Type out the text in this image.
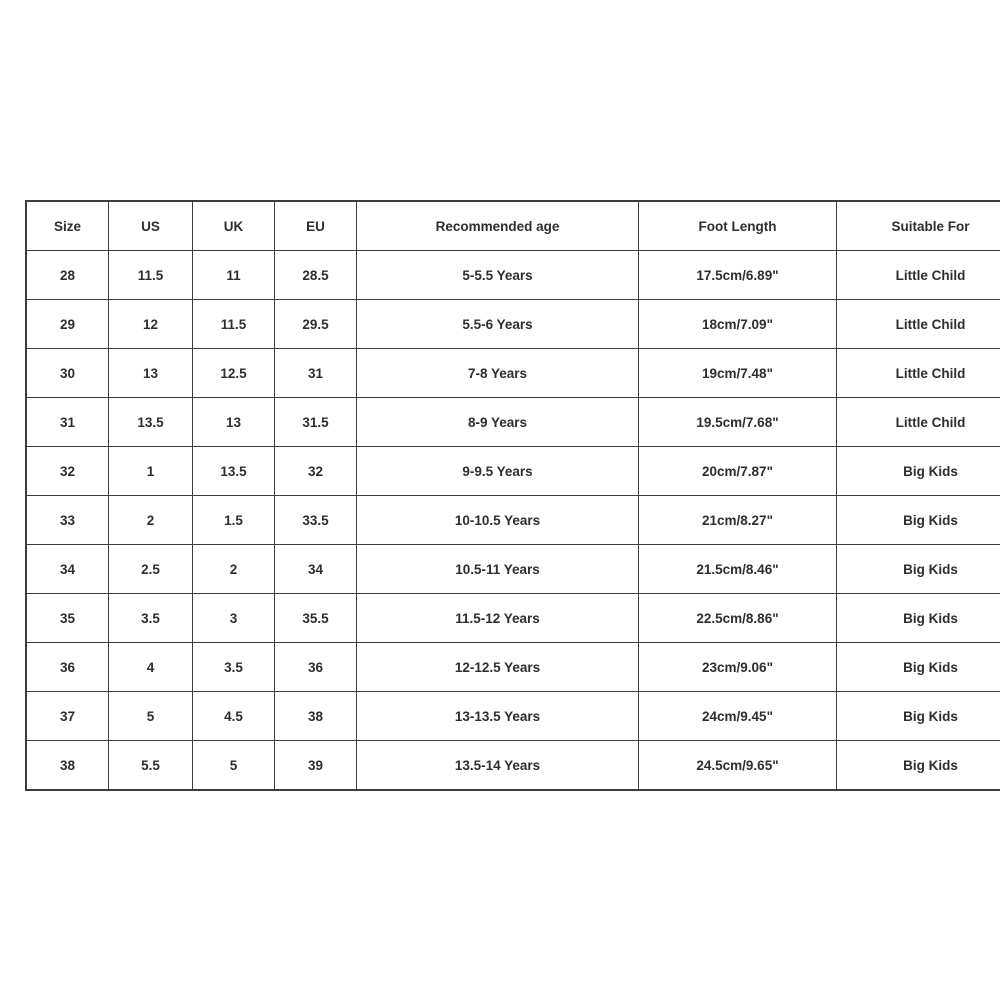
Size	US	UK	EU	Recommended age	Foot Length	Suitable For
28	11.5	11	28.5	5-5.5 Years	17.5cm/6.89"	Little Child
29	12	11.5	29.5	5.5-6 Years	18cm/7.09"	Little Child
30	13	12.5	31	7-8 Years	19cm/7.48"	Little Child
31	13.5	13	31.5	8-9 Years	19.5cm/7.68"	Little Child
32	1	13.5	32	9-9.5 Years	20cm/7.87"	Big Kids
33	2	1.5	33.5	10-10.5 Years	21cm/8.27"	Big Kids
34	2.5	2	34	10.5-11 Years	21.5cm/8.46"	Big Kids
35	3.5	3	35.5	11.5-12 Years	22.5cm/8.86"	Big Kids
36	4	3.5	36	12-12.5 Years	23cm/9.06"	Big Kids
37	5	4.5	38	13-13.5 Years	24cm/9.45"	Big Kids
38	5.5	5	39	13.5-14 Years	24.5cm/9.65"	Big Kids
